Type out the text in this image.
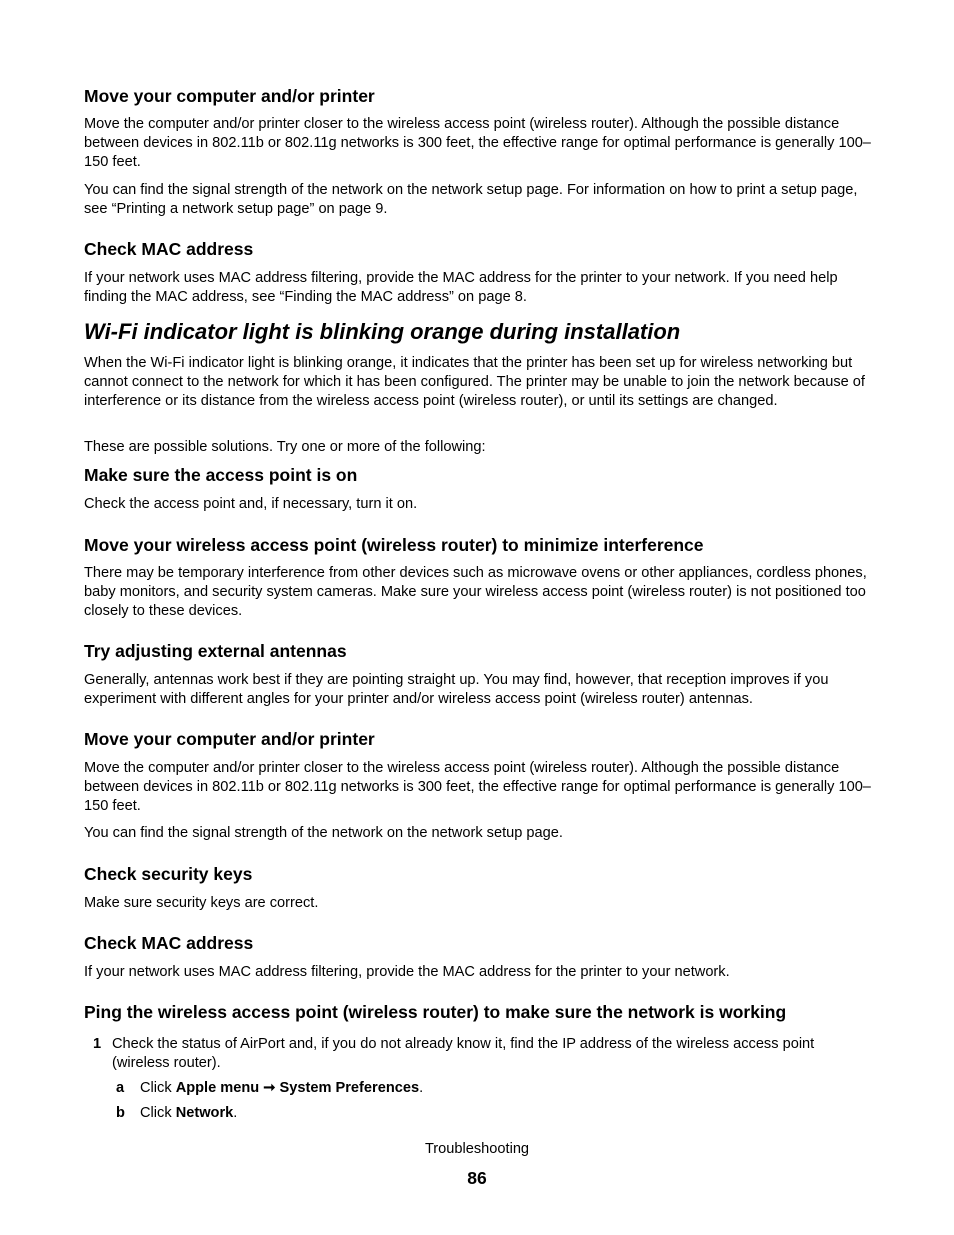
Move your computer and/or printer

Move the computer and/or printer closer to the wireless access point (wireless router). Although the possible distance between devices in 802.11b or 802.11g networks is 300 feet, the effective range for optimal performance is generally 100–150 feet.

You can find the signal strength of the network on the network setup page. For information on how to print a setup page, see “Printing a network setup page” on page 9.

Check MAC address

If your network uses MAC address filtering, provide the MAC address for the printer to your network. If you need help finding the MAC address, see “Finding the MAC address” on page 8.

Wi-Fi indicator light is blinking orange during installation

When the Wi-Fi indicator light is blinking orange, it indicates that the printer has been set up for wireless networking but cannot connect to the network for which it has been configured. The printer may be unable to join the network because of interference or its distance from the wireless access point (wireless router), or until its settings are changed.

These are possible solutions. Try one or more of the following:

Make sure the access point is on

Check the access point and, if necessary, turn it on.

Move your wireless access point (wireless router) to minimize interference

There may be temporary interference from other devices such as microwave ovens or other appliances, cordless phones, baby monitors, and security system cameras. Make sure your wireless access point (wireless router) is not positioned too closely to these devices.

Try adjusting external antennas

Generally, antennas work best if they are pointing straight up. You may find, however, that reception improves if you experiment with different angles for your printer and/or wireless access point (wireless router) antennas.

Move your computer and/or printer

Move the computer and/or printer closer to the wireless access point (wireless router). Although the possible distance between devices in 802.11b or 802.11g networks is 300 feet, the effective range for optimal performance is generally 100–150 feet.

You can find the signal strength of the network on the network setup page.

Check security keys

Make sure security keys are correct.

Check MAC address

If your network uses MAC address filtering, provide the MAC address for the printer to your network.

Ping the wireless access point (wireless router) to make sure the network is working
1 Check the status of AirPort and, if you do not already know it, find the IP address of the wireless access point (wireless router).

a Click Apple menu ➞ System Preferences.

b Click Network.

Troubleshooting
86
